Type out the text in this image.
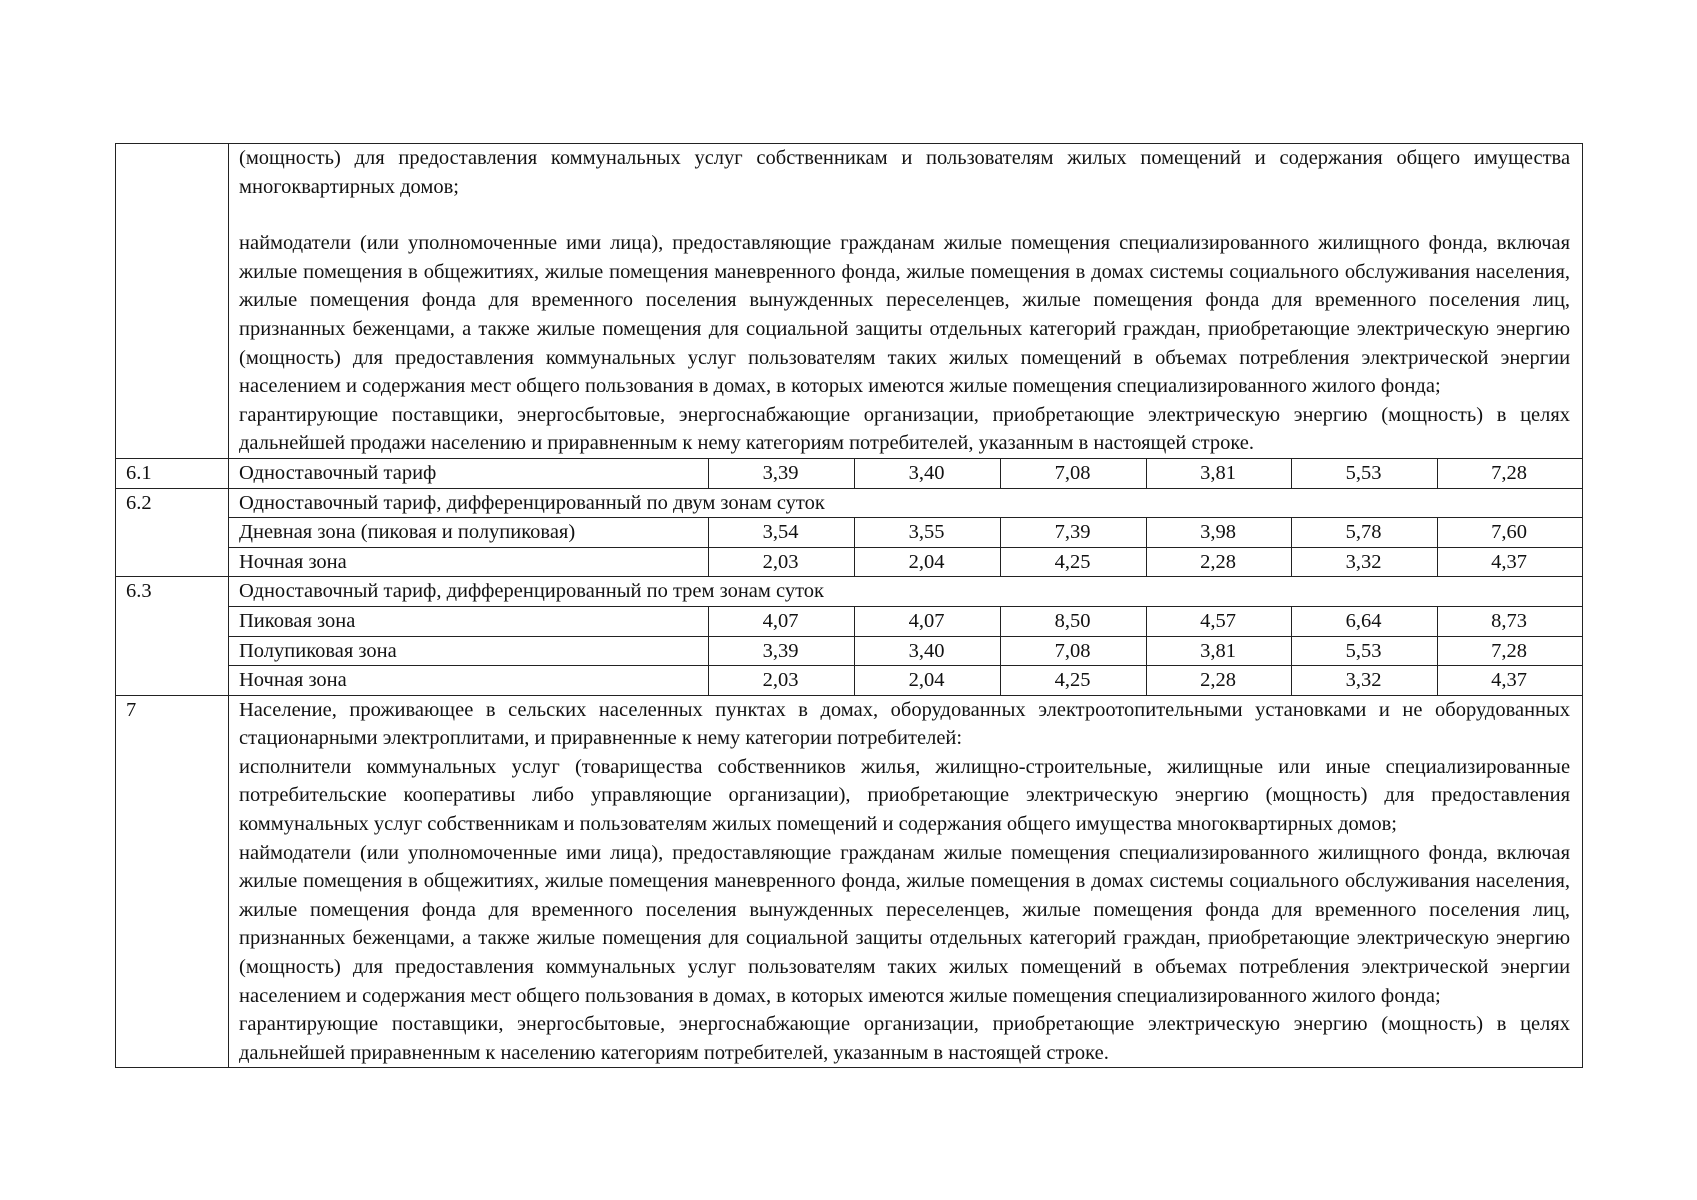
	(мощность) для предоставления коммунальных услуг собственникам и пользователям жилых помещений и содержания общего имущества многоквартирных домов;

наймодатели (или уполномоченные ими лица), предоставляющие гражданам жилые помещения специализированного жилищного фонда, включая жилые помещения в общежитиях, жилые помещения маневренного фонда, жилые помещения в домах системы социального обслуживания населения, жилые помещения фонда для временного поселения вынужденных переселенцев, жилые помещения фонда для временного поселения лиц, признанных беженцами, а также жилые помещения для социальной защиты отдельных категорий граждан, приобретающие электрическую энергию (мощность) для предоставления коммунальных услуг пользователям таких жилых помещений в объемах потребления электрической энергии населением и содержания мест общего пользования в домах, в которых имеются жилые помещения специализированного жилого фонда;

гарантирующие поставщики, энергосбытовые, энергоснабжающие организации, приобретающие электрическую энергию (мощность) в целях дальнейшей продажи населению и приравненным к нему категориям потребителей, указанным в настоящей строке.						

6.1	Одноставочный тариф	3,39	3,40	7,08	3,81	5,53	7,28
6.2	Одноставочный тариф, дифференцированный по двум зонам суток						
	Дневная зона (пиковая и полупиковая)	3,54	3,55	7,39	3,98	5,78	7,60
	Ночная зона	2,03	2,04	4,25	2,28	3,32	4,37
6.3	Одноставочный тариф, дифференцированный по трем зонам суток						
	Пиковая зона	4,07	4,07	8,50	4,57	6,64	8,73
	Полупиковая зона	3,39	3,40	7,08	3,81	5,53	7,28
	Ночная зона	2,03	2,04	4,25	2,28	3,32	4,37
7	Население, проживающее в сельских населенных пунктах в домах, оборудованных электроотопительными установками и не оборудованных стационарными электроплитами, и приравненные к нему категории потребителей:

исполнители коммунальных услуг (товарищества собственников жилья, жилищно-строительные, жилищные или иные специализированные потребительские кооперативы либо управляющие организации), приобретающие электрическую энергию (мощность) для предоставления коммунальных услуг собственникам и пользователям жилых помещений и содержания общего имущества многоквартирных домов;

наймодатели (или уполномоченные ими лица), предоставляющие гражданам жилые помещения специализированного жилищного фонда, включая жилые помещения в общежитиях, жилые помещения маневренного фонда, жилые помещения в домах системы социального обслуживания населения, жилые помещения фонда для временного поселения вынужденных переселенцев, жилые помещения фонда для временного поселения лиц, признанных беженцами, а также жилые помещения для социальной защиты отдельных категорий граждан, приобретающие электрическую энергию (мощность) для предоставления коммунальных услуг пользователям таких жилых помещений в объемах потребления электрической энергии населением и содержания мест общего пользования в домах, в которых имеются жилые помещения специализированного жилого фонда;

гарантирующие поставщики, энергосбытовые, энергоснабжающие организации, приобретающие электрическую энергию (мощность) в целях дальнейшей приравненным к населению категориям потребителей, указанным в настоящей строке.						
